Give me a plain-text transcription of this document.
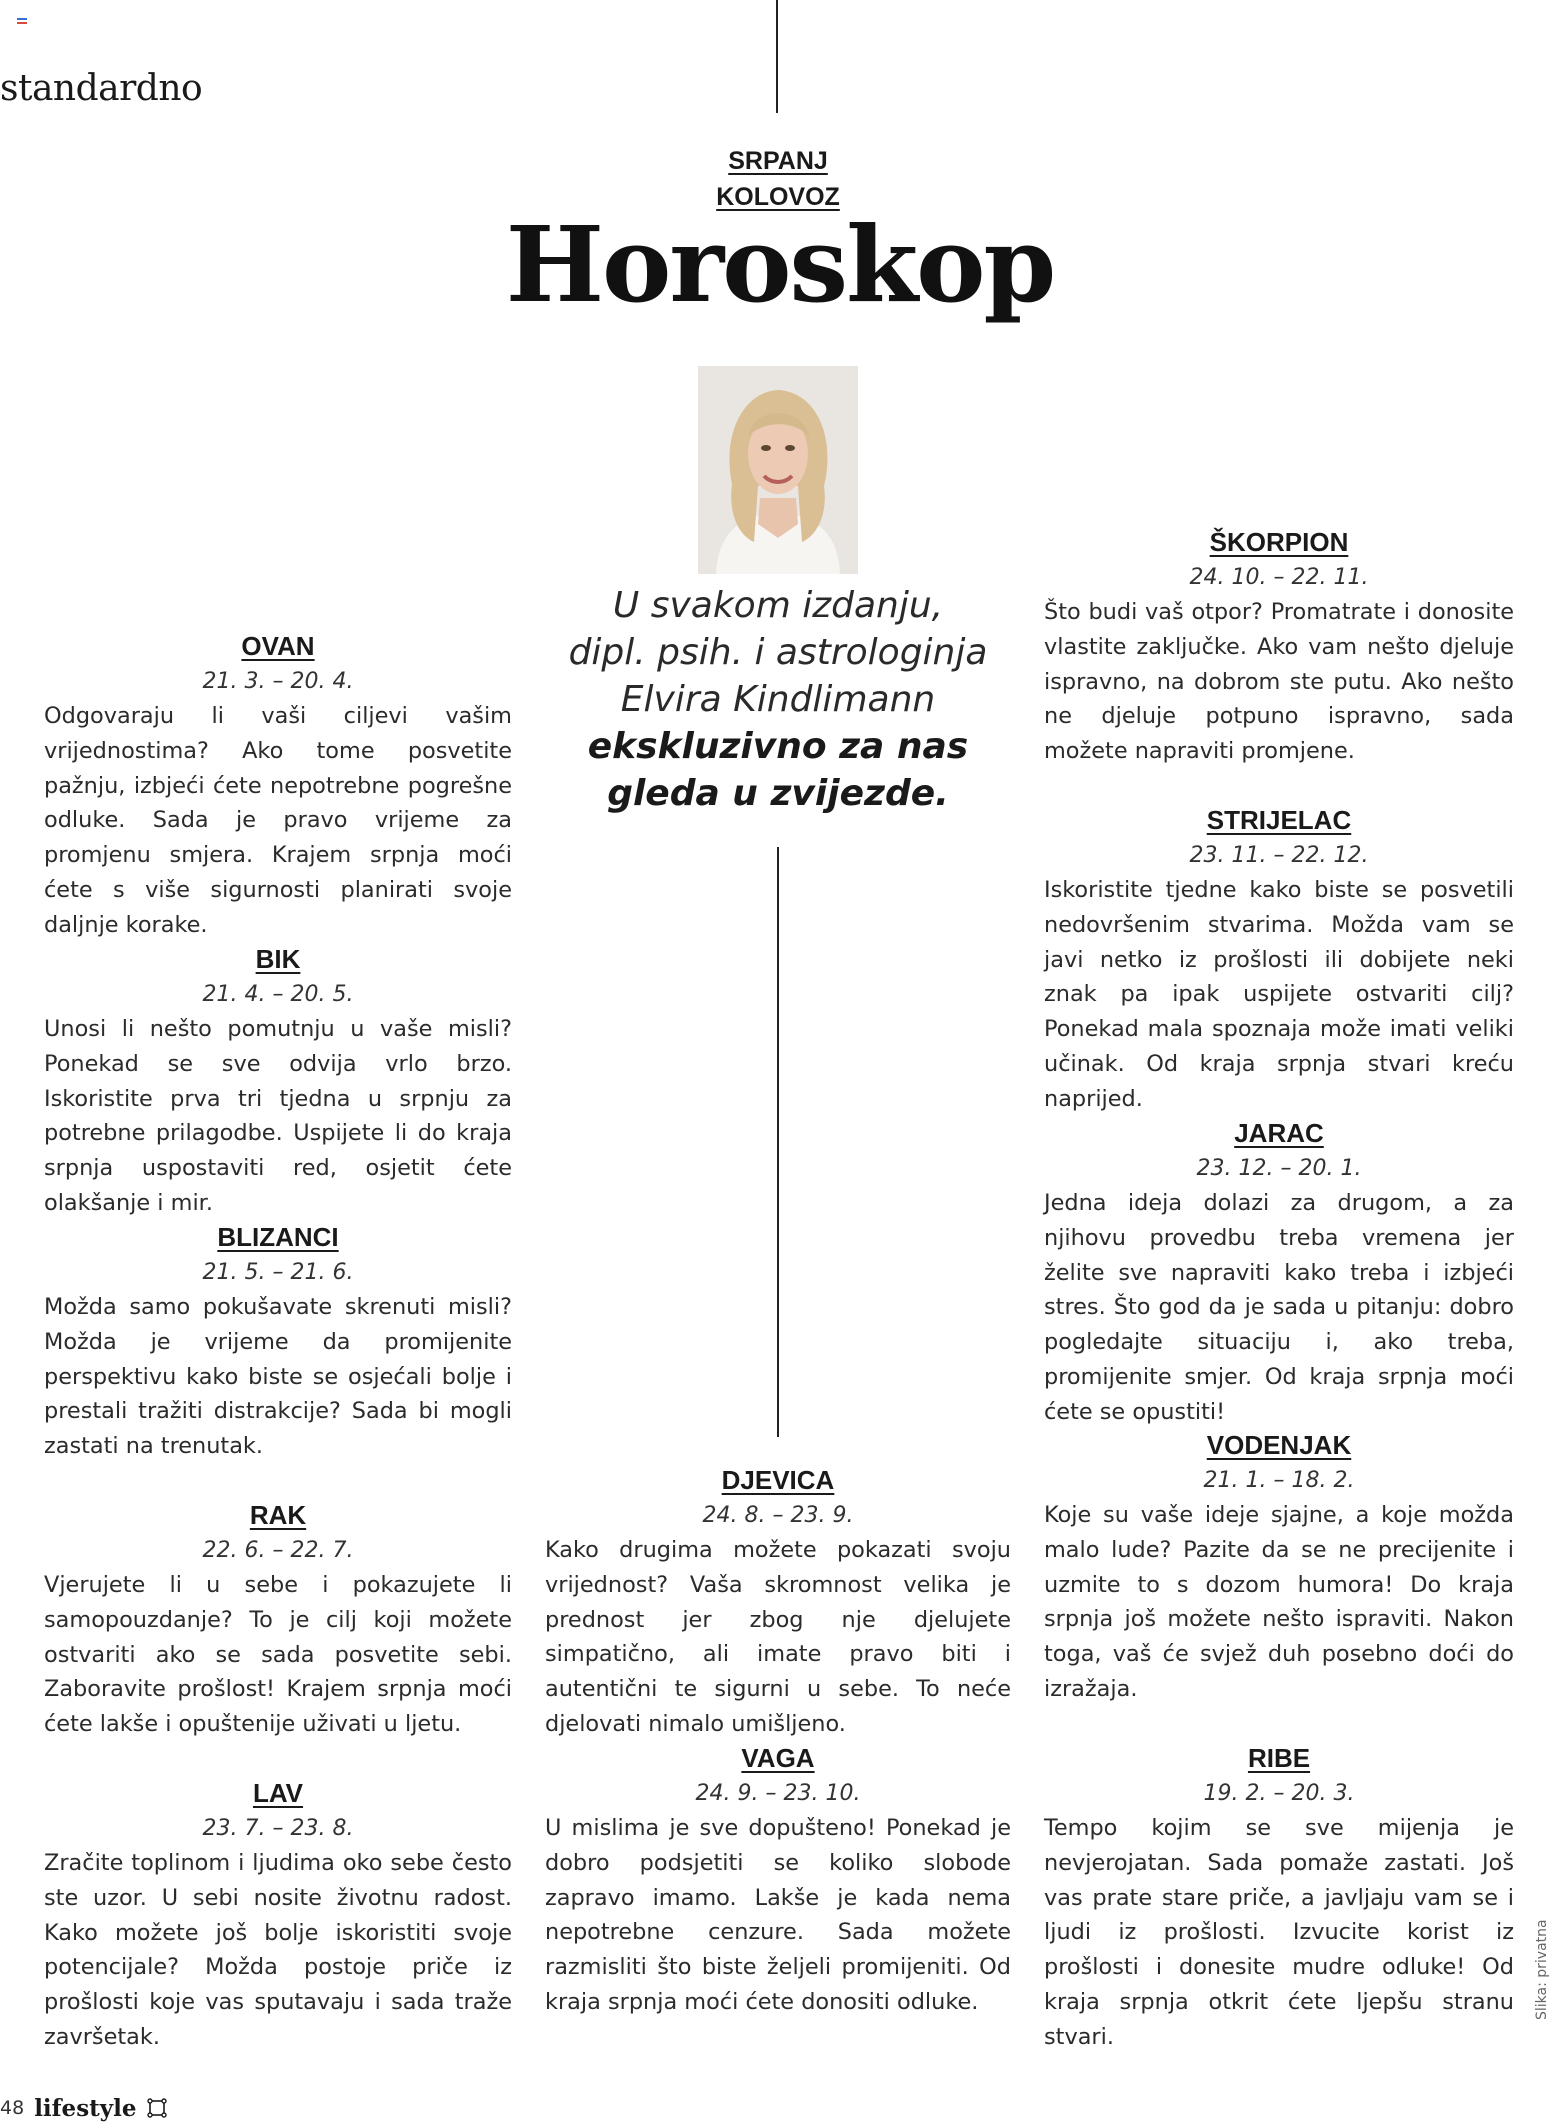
standardno
SRPANJ
KOLOVOZ
Horoskop
U svakom izdanju,
dipl. psih. i astrologinja
Elvira Kindlimann
ekskluzivno za nas
gleda u zvijezde.
OVAN
21. 3. – 20. 4.

Odgovaraju li vaši ciljevi vašim vrijednostima? Ako tome posvetite pažnju, izbjeći ćete nepotrebne pogrešne odluke. Sada je pravo vrijeme za promjenu smjera. Krajem srpnja moći ćete s više sigurnosti planirati svoje daljnje korake.

BIK
21. 4. – 20. 5.

Unosi li nešto pomutnju u vaše misli? Ponekad se sve odvija vrlo brzo. Iskoristite prva tri tjedna u srpnju za potrebne prilagodbe. Uspijete li do kraja srpnja uspostaviti red, osjetit ćete olakšanje i mir.

BLIZANCI
21. 5. – 21. 6.

Možda samo pokušavate skrenuti misli? Možda je vrijeme da promijenite perspektivu kako biste se osjećali bolje i prestali tražiti distrakcije? Sada bi mogli zastati na trenutak.

RAK
22. 6. – 22. 7.

Vjerujete li u sebe i pokazujete li samopouzdanje? To je cilj koji možete ostvariti ako se sada posvetite sebi. Zaboravite prošlost! Krajem srpnja moći ćete lakše i opuštenije uživati u ljetu.

LAV
23. 7. – 23. 8.

Zračite toplinom i ljudima oko sebe često ste uzor. U sebi nosite životnu radost. Kako možete još bolje iskoristiti svoje potencijale? Možda postoje priče iz prošlosti koje vas sputavaju i sada traže završetak.

DJEVICA
24. 8. – 23. 9.

Kako drugima možete pokazati svoju vrijednost? Vaša skromnost velika je prednost jer zbog nje djelujete simpatično, ali imate pravo biti i autentični te sigurni u sebe. To neće djelovati nimalo umišljeno.

VAGA
24. 9. – 23. 10.

U mislima je sve dopušteno! Ponekad je dobro podsjetiti se koliko slobode zapravo imamo. Lakše je kada nema nepotrebne cenzure. Sada možete razmisliti što biste željeli promijeniti. Od kraja srpnja moći ćete donositi odluke.

ŠKORPION
24. 10. – 22. 11.

Što budi vaš otpor? Promatrate i donosite vlastite zaključke. Ako vam nešto djeluje ispravno, na dobrom ste putu. Ako nešto ne djeluje potpuno ispravno, sada možete napraviti promjene.

STRIJELAC
23. 11. – 22. 12.

Iskoristite tjedne kako biste se posvetili nedovršenim stvarima. Možda vam se javi netko iz prošlosti ili dobijete neki znak pa ipak uspijete ostvariti cilj? Ponekad mala spoznaja može imati veliki učinak. Od kraja srpnja stvari kreću naprijed.

JARAC
23. 12. – 20. 1.

Jedna ideja dolazi za drugom, a za njihovu provedbu treba vremena jer želite sve napraviti kako treba i izbjeći stres. Što god da je sada u pitanju: dobro pogledajte situaciju i, ako treba, promijenite smjer. Od kraja srpnja moći ćete se opustiti!

VODENJAK
21. 1. – 18. 2.

Koje su vaše ideje sjajne, a koje možda malo lude? Pazite da se ne precijenite i uzmite to s dozom humora! Do kraja srpnja još možete nešto ispraviti. Nakon toga, vaš će svjež duh posebno doći do izražaja.

RIBE
19. 2. – 20. 3.

Tempo kojim se sve mijenja je nevjerojatan. Sada pomaže zastati. Još vas prate stare priče, a javljaju vam se i ljudi iz prošlosti. Izvucite korist iz prošlosti i donesite mudre odluke! Od kraja srpnja otkrit ćete ljepšu stranu stvari.

Slika: privatna
48 lifestyle
